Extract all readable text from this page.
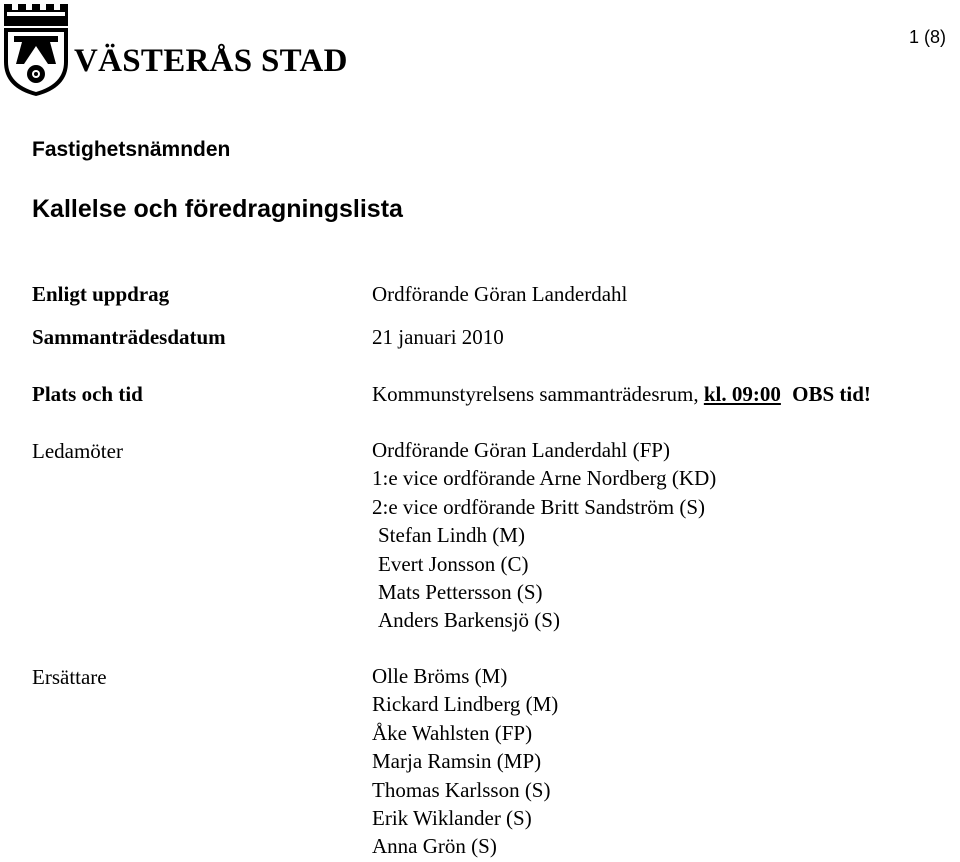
VÄSTERÅS STAD
1 (8)
Fastighetsnämnden
Kallelse och föredragningslista
Enligt uppdrag	Ordförande Göran Landerdahl
Sammanträdesdatum	21 januari 2010
Plats och tid	Kommunstyrelsens sammanträdesrum, kl. 09:00 OBS tid!
Ledamöter	Ordförande Göran Landerdahl (FP)
1:e vice ordförande Arne Nordberg (KD)
2:e vice ordförande Britt Sandström (S)
Stefan Lindh (M)
Evert Jonsson (C)
Mats Pettersson (S)
Anders Barkensjö (S)
Ersättare	Olle Bröms (M)
Rickard Lindberg (M)
Åke Wahlsten (FP)
Marja Ramsin (MP)
Thomas Karlsson (S)
Erik Wiklander (S)
Anna Grön (S)
